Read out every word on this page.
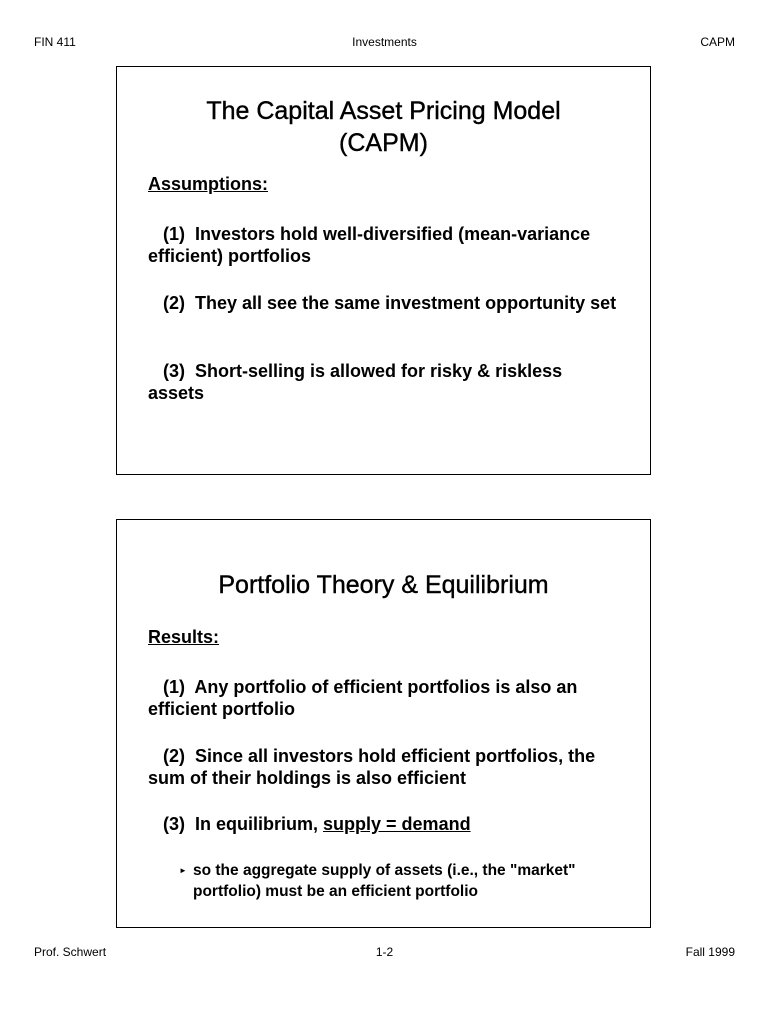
FIN 411	Investments	CAPM
The Capital Asset Pricing Model
(CAPM)
Assumptions:
(1) Investors hold well-diversified (mean-variance efficient) portfolios
(2) They all see the same investment opportunity set
(3) Short-selling is allowed for risky & riskless assets
Portfolio Theory & Equilibrium
Results:
(1) Any portfolio of efficient portfolios is also an efficient portfolio
(2) Since all investors hold efficient portfolios, the sum of their holdings is also efficient
(3) In equilibrium, supply = demand
► so the aggregate supply of assets (i.e., the "market" portfolio) must be an efficient portfolio
Prof. Schwert	1-2	Fall 1999
